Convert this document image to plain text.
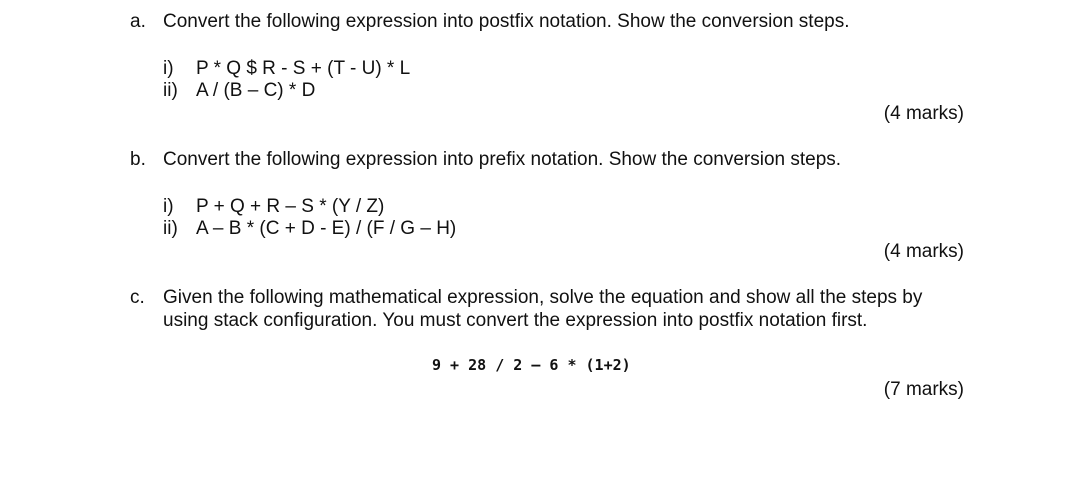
a. Convert the following expression into postfix notation. Show the conversion steps.
i) P * Q $ R - S + (T - U) * L
ii) A / (B – C) * D
(4 marks)
b. Convert the following expression into prefix notation. Show the conversion steps.
i) P + Q + R – S * (Y / Z)
ii) A – B * (C + D - E) / (F / G – H)
(4 marks)
c. Given the following mathematical expression, solve the equation and show all the steps by
using stack configuration. You must convert the expression into postfix notation first.
9 + 28 / 2 – 6 * (1+2)
(7 marks)
